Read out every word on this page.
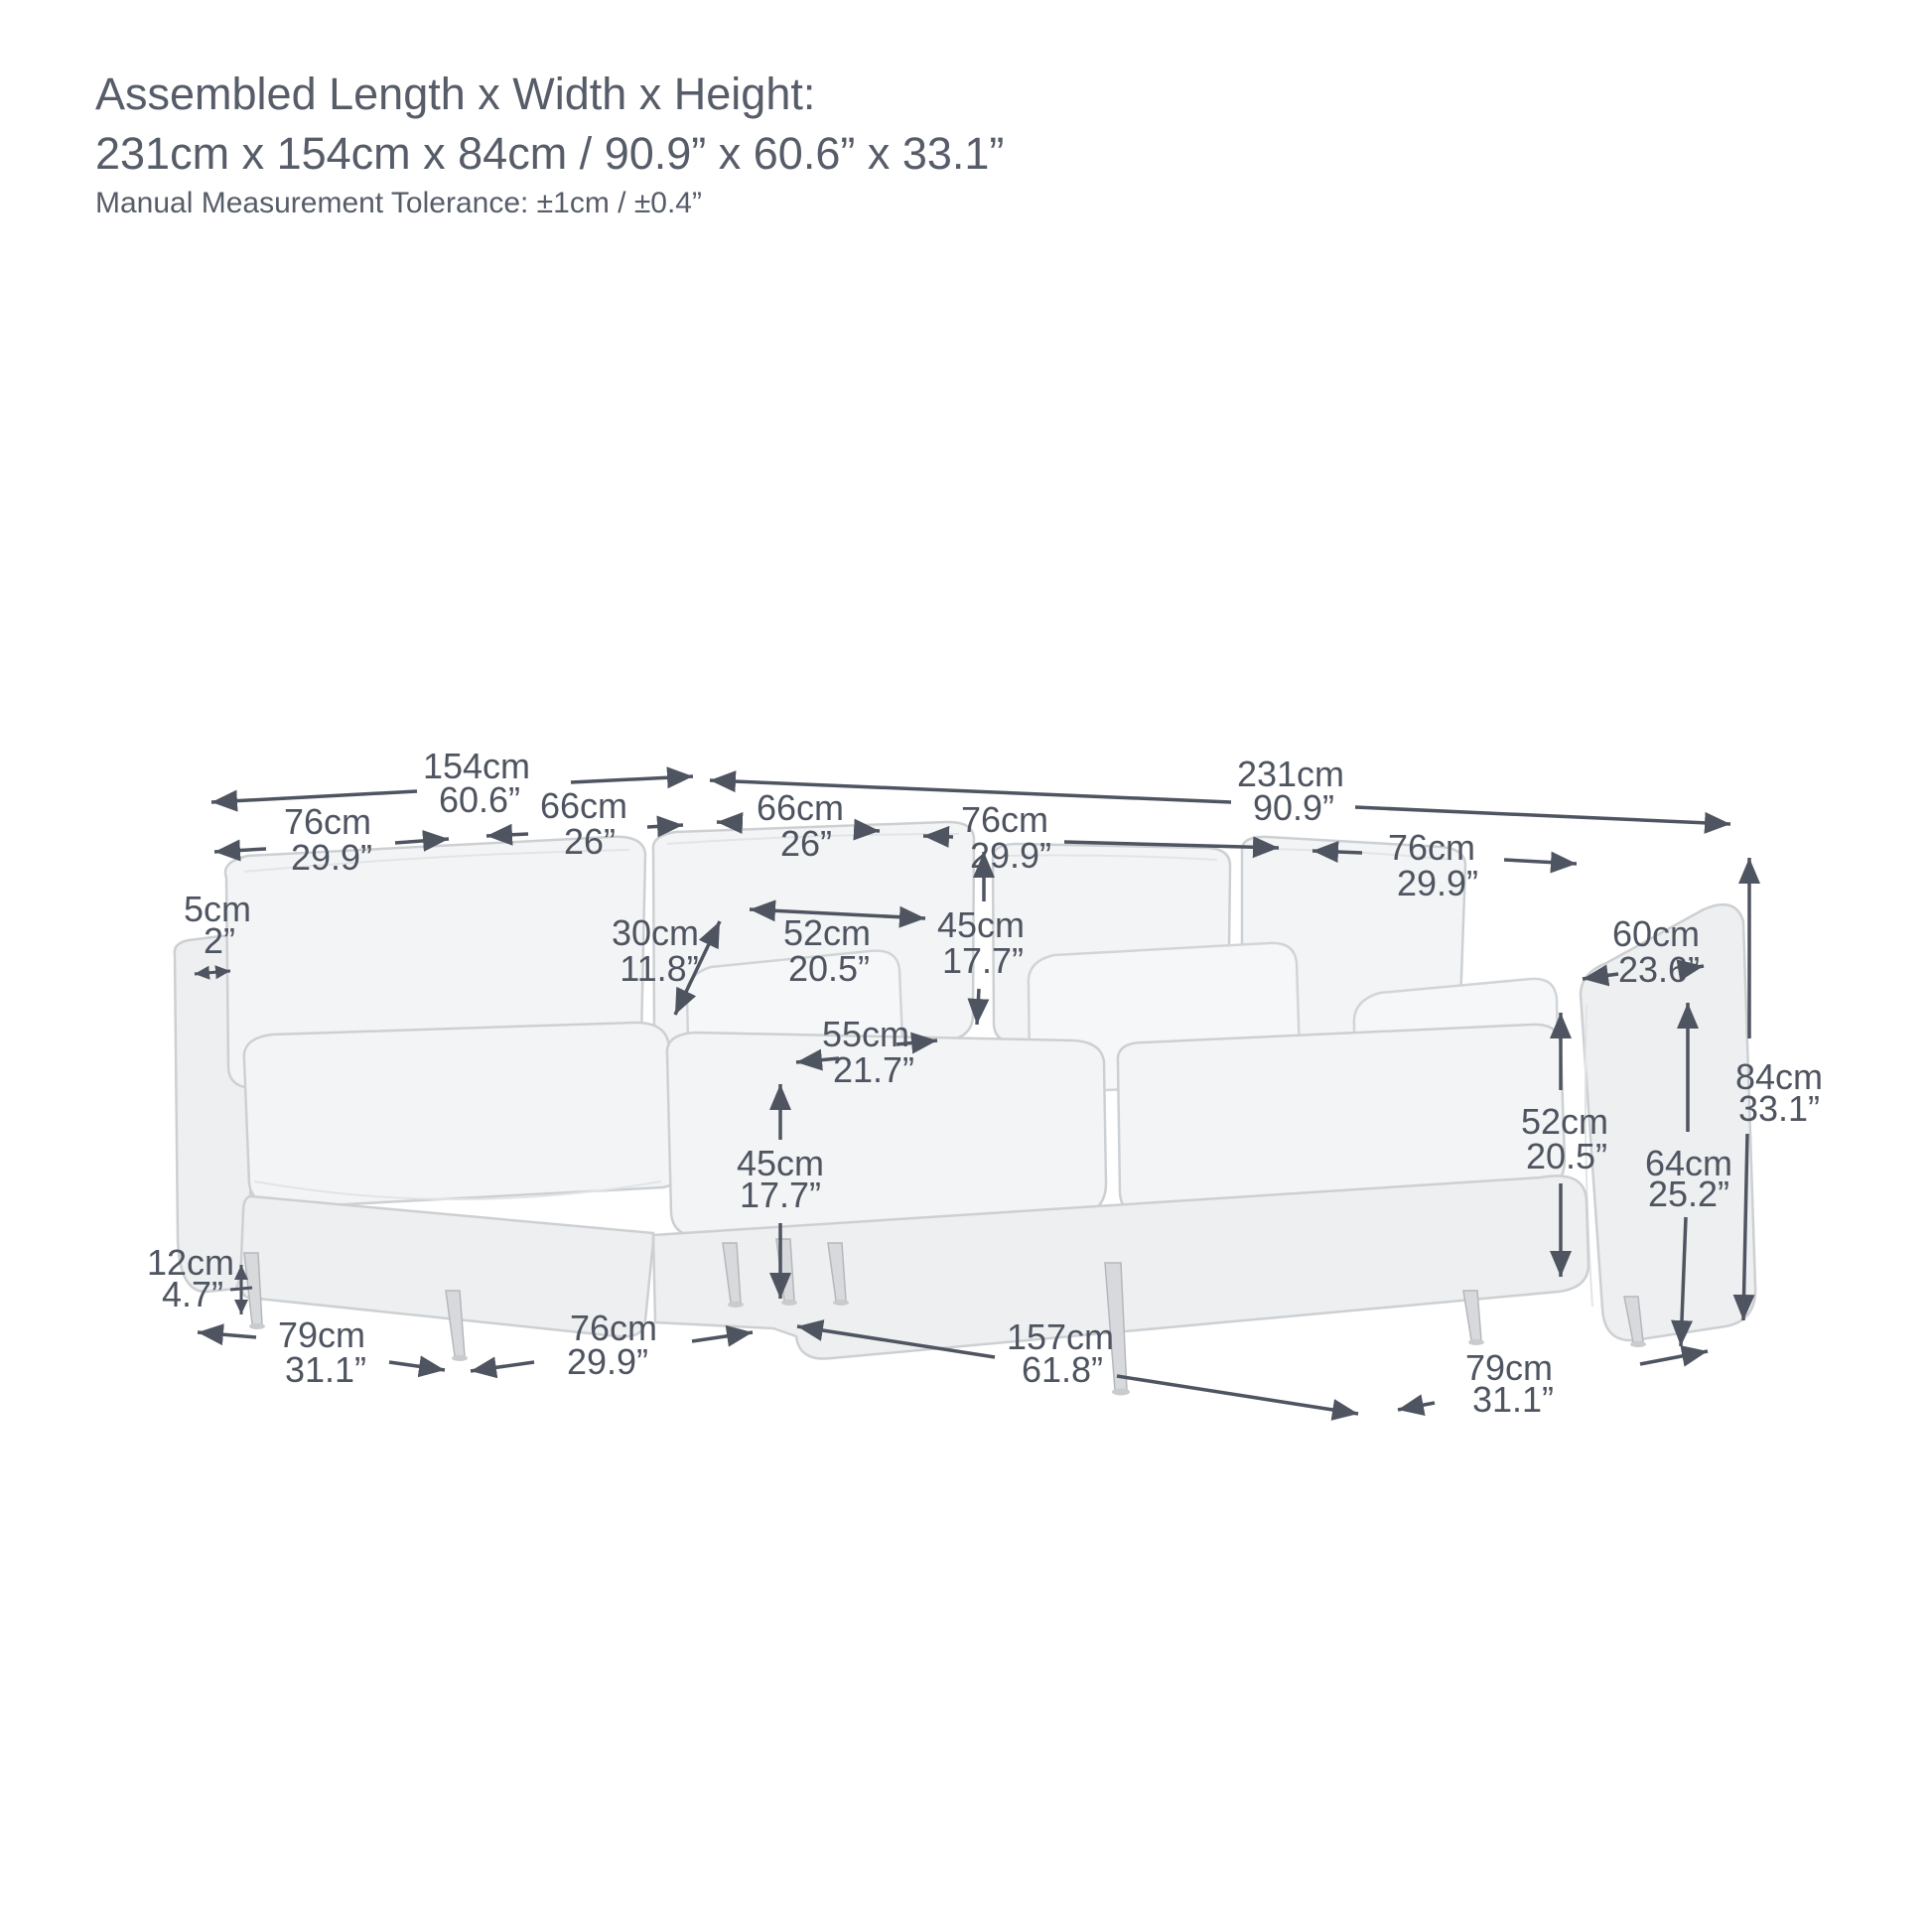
Assembled Length x Width x Height:
231cm x 154cm x 84cm / 90.9” x 60.6” x 33.1”
Manual Measurement Tolerance: ±1cm / ±0.4”
154cm
60.6”
231cm
90.9”
76cm
29.9”
66cm
26”
66cm
26”
76cm
29.9”	76cm
29.9”
5cm
2”	30cm
11.8”
52cm
20.5”
45cm
17.7”
55cm
21.7”
45cm
17.7”
12cm
4.7”
79cm
31.1”
76cm
29.9”
157cm
61.8”	79cm
31.1”
60cm
23.6”
52cm
20.5” 64cm
25.2”
84cm
33.1”
